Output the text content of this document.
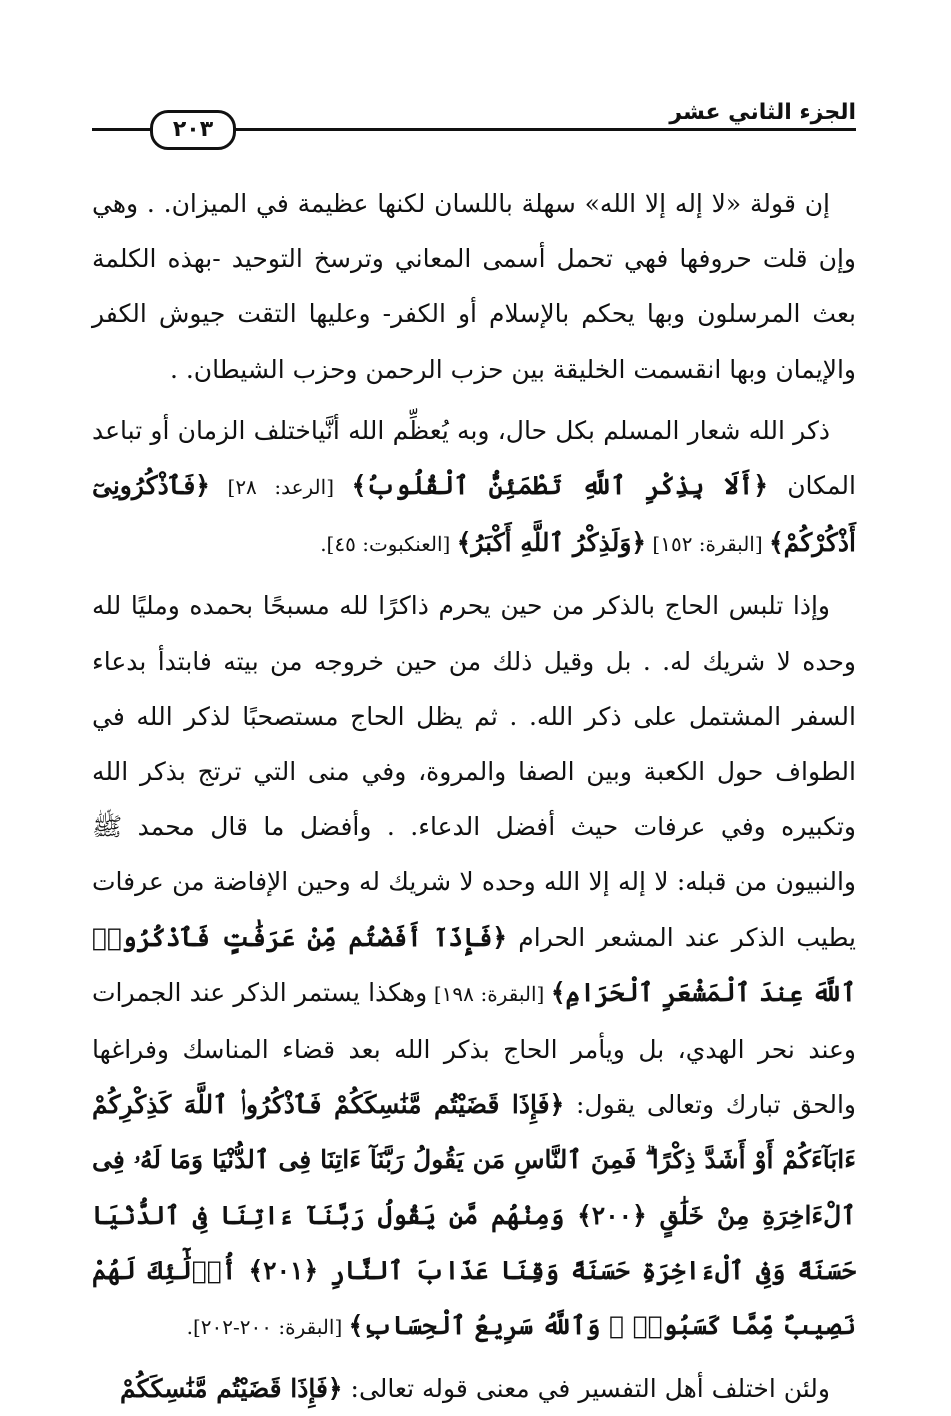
الجزء الثاني عشر
٢٠٣

إن قولة «لا إله إلا الله» سهلة باللسان لكنها عظيمة في الميزان. . وهي وإن قلت حروفها فهي تحمل أسمى المعاني وترسخ التوحيد -بهذه الكلمة بعث المرسلون وبها يحكم بالإسلام أو الكفر- وعليها التقت جيوش الكفر والإيمان وبها انقسمت الخليقة بين حزب الرحمن وحزب الشيطان. .

ذكر الله شعار المسلم بكل حال، وبه يُعظِّم الله أنَّياختلف الزمان أو تباعد المكان ﴿أَلَا بِذِكْرِ ٱللَّهِ تَطْمَئِنُّ ٱلْقُلُوبُ﴾ [الرعد: ٢٨] ﴿فَٱذْكُرُونِىٓ أَذْكُرْكُمْ﴾ [البقرة: ١٥٢] ﴿وَلَذِكْرُ ٱللَّهِ أَكْبَرُ﴾ [العنكبوت: ٤٥].

وإذا تلبس الحاج بالذكر من حين يحرم ذاكرًا لله مسبحًا بحمده ومليًا لله وحده لا شريك له. . بل وقيل ذلك من حين خروجه من بيته فابتدأ بدعاء السفر المشتمل على ذكر الله. . ثم يظل الحاج مستصحبًا لذكر الله في الطواف حول الكعبة وبين الصفا والمروة، وفي منى التي ترتج بذكر الله وتكبيره وفي عرفات حيث أفضل الدعاء. . وأفضل ما قال محمد ﷺ والنبيون من قبله: لا إله إلا الله وحده لا شريك له وحين الإفاضة من عرفات يطيب الذكر عند المشعر الحرام ﴿فَإِذَآ أَفَضْتُم مِّنْ عَرَفَٰتٍ فَٱذْكُرُوا۟ ٱللَّهَ عِندَ ٱلْمَشْعَرِ ٱلْحَرَامِ﴾ [البقرة: ١٩٨] وهكذا يستمر الذكر عند الجمرات وعند نحر الهدي، بل ويأمر الحاج بذكر الله بعد قضاء المناسك وفراغها والحق تبارك وتعالى يقول: ﴿فَإِذَا قَضَيْتُم مَّنَٰسِكَكُمْ فَٱذْكُرُوا۟ ٱللَّهَ كَذِكْرِكُمْ ءَابَآءَكُمْ أَوْ أَشَدَّ ذِكْرًا ۗ فَمِنَ ٱلنَّاسِ مَن يَقُولُ رَبَّنَآ ءَاتِنَا فِى ٱلدُّنْيَا وَمَا لَهُۥ فِى ٱلْءَاخِرَةِ مِنْ خَلَٰقٍ ﴿٢٠٠﴾ وَمِنْهُم مَّن يَقُولُ رَبَّنَآ ءَاتِنَا فِى ٱلدُّنْيَا حَسَنَةً وَفِى ٱلْءَاخِرَةِ حَسَنَةً وَقِنَا عَذَابَ ٱلنَّارِ ﴿٢٠١﴾ أُو۟لَٰٓئِكَ لَهُمْ نَصِيبٌ مِّمَّا كَسَبُوا۟ ۚ وَٱللَّهُ سَرِيعُ ٱلْحِسَابِ﴾ [البقرة: ٢٠٠-٢٠٢].

ولئن اختلف أهل التفسير في معنى قوله تعالى: ﴿فَإِذَا قَضَيْتُم مَّنَٰسِكَكُمْ
